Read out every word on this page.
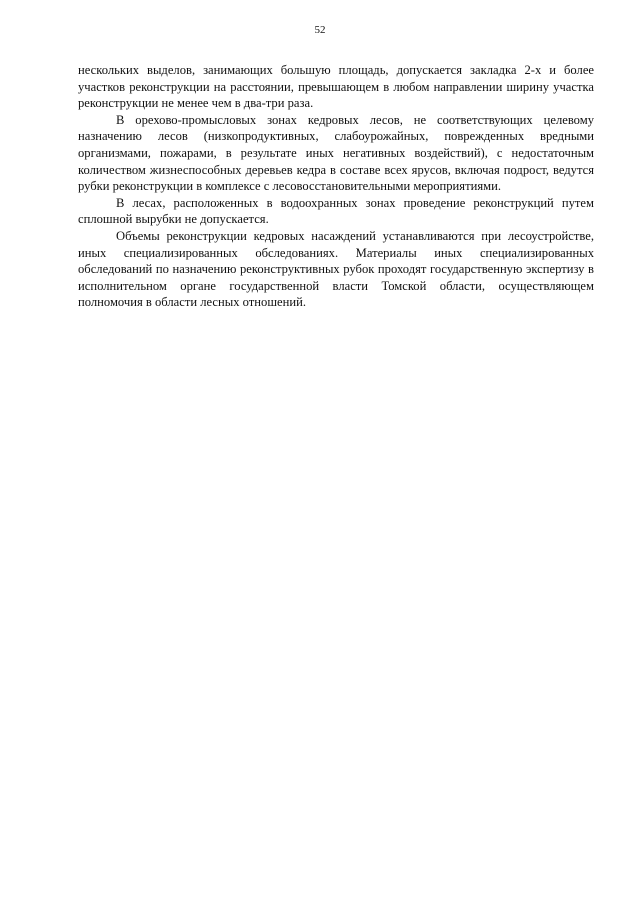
52

нескольких выделов, занимающих большую площадь, допускается закладка 2-х и более участков реконструкции на расстоянии, превышающем в любом направлении ширину участка реконструкции не менее чем в два-три раза.

В орехово-промысловых зонах кедровых лесов, не соответствующих целевому назначению лесов (низкопродуктивных, слабоурожайных, поврежденных вредными организмами, пожарами, в результате иных негативных воздействий), с недостаточным количеством жизнеспособных деревьев кедра в составе всех ярусов, включая подрост, ведутся рубки реконструкции в комплексе с лесовосстановительными мероприятиями.

В лесах, расположенных в водоохранных зонах проведение реконструкций путем сплошной вырубки не допускается.

Объемы реконструкции кедровых насаждений устанавливаются при лесоустройстве, иных специализированных обследованиях. Материалы иных специализированных обследований по назначению реконструктивных рубок проходят государственную экспертизу в исполнительном органе государственной власти Томской области, осуществляющем полномочия в области лесных отношений.
